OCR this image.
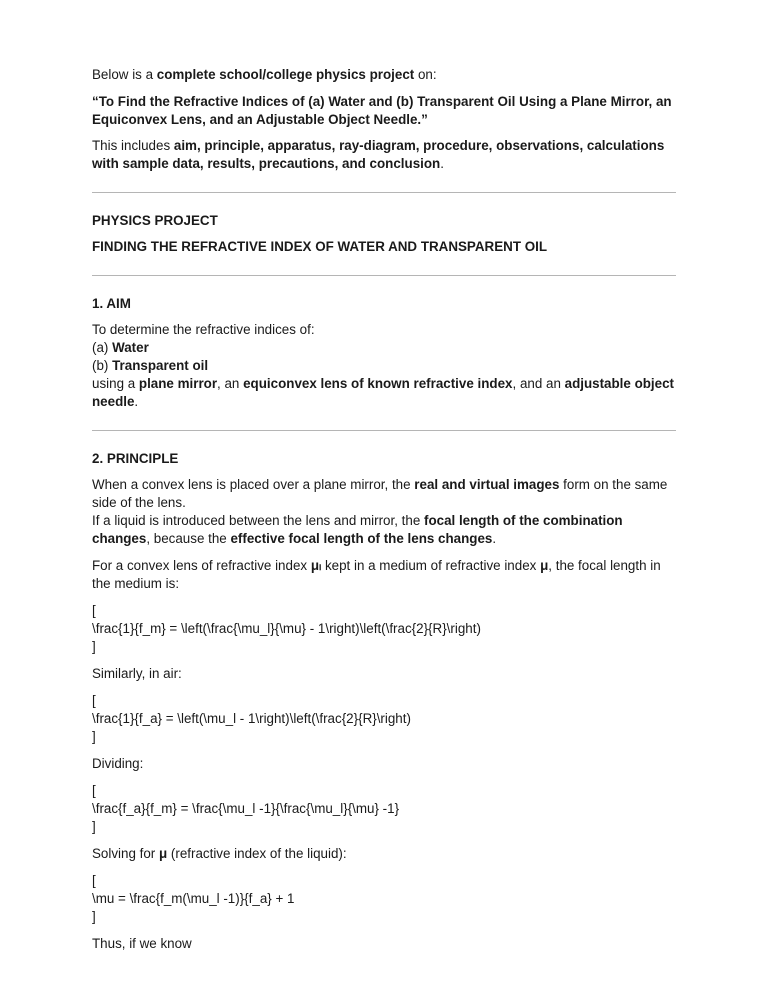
Below is a complete school/college physics project on:

“To Find the Refractive Indices of (a) Water and (b) Transparent Oil Using a Plane Mirror, an Equiconvex Lens, and an Adjustable Object Needle.”

This includes aim, principle, apparatus, ray-diagram, procedure, observations, calculations with sample data, results, precautions, and conclusion.

PHYSICS PROJECT

FINDING THE REFRACTIVE INDEX OF WATER AND TRANSPARENT OIL

1. AIM

To determine the refractive indices of:
(a) Water
(b) Transparent oil
using a plane mirror, an equiconvex lens of known refractive index, and an adjustable object needle.

2. PRINCIPLE

When a convex lens is placed over a plane mirror, the real and virtual images form on the same side of the lens.

If a liquid is introduced between the lens and mirror, the focal length of the combination changes, because the effective focal length of the lens changes.

For a convex lens of refractive index μₗ kept in a medium of refractive index μ, the focal length in the medium is:

[
\frac{1}{f_m} = \left(\frac{\mu_l}{\mu} - 1\right)\left(\frac{2}{R}\right)
]

Similarly, in air:

[
\frac{1}{f_a} = \left(\mu_l - 1\right)\left(\frac{2}{R}\right)
]

Dividing:

[
\frac{f_a}{f_m} = \frac{\mu_l -1}{\frac{\mu_l}{\mu} -1}
]

Solving for μ (refractive index of the liquid):

[
\mu = \frac{f_m(\mu_l -1)}{f_a} + 1
]

Thus, if we know
